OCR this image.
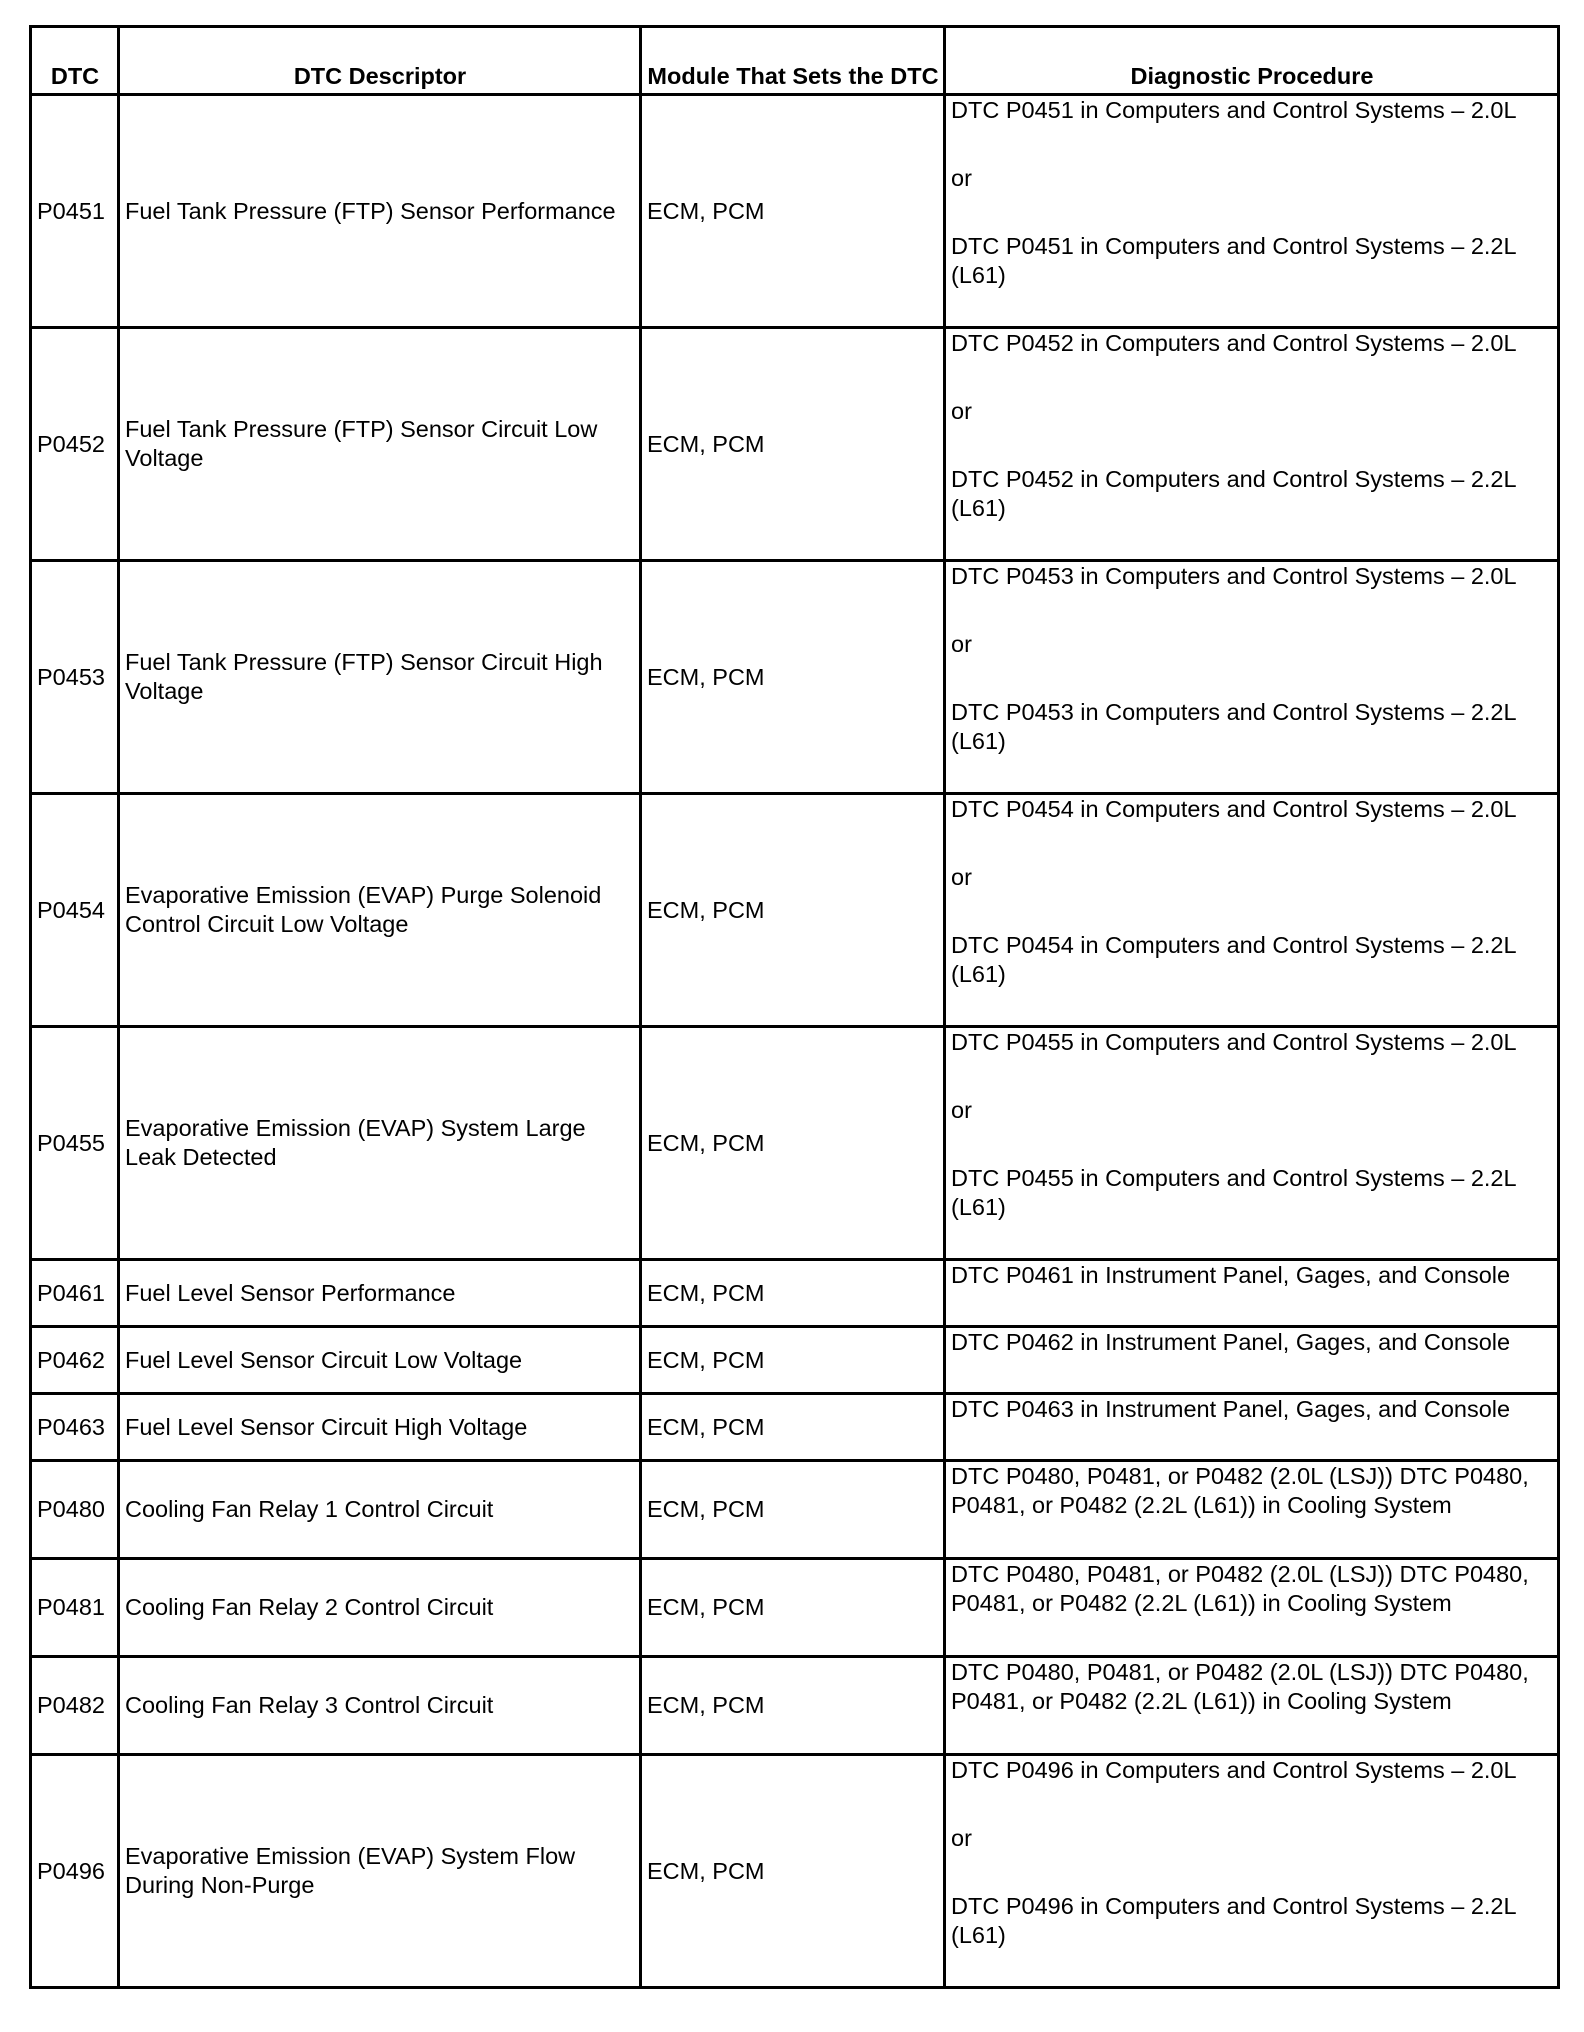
DTC	DTC Descriptor	Module That Sets the DTC	Diagnostic Procedure
P0451	Fuel Tank Pressure (FTP) Sensor Performance	ECM, PCM	DTC P0451 in Computers and Control Systems – 2.0L
or
DTC P0451 in Computers and Control Systems – 2.2L (L61)

P0452	Fuel Tank Pressure (FTP) Sensor Circuit Low Voltage	ECM, PCM	DTC P0452 in Computers and Control Systems – 2.0L
or
DTC P0452 in Computers and Control Systems – 2.2L (L61)

P0453	Fuel Tank Pressure (FTP) Sensor Circuit High Voltage	ECM, PCM	DTC P0453 in Computers and Control Systems – 2.0L
or
DTC P0453 in Computers and Control Systems – 2.2L (L61)

P0454	Evaporative Emission (EVAP) Purge Solenoid Control Circuit Low Voltage	ECM, PCM	DTC P0454 in Computers and Control Systems – 2.0L
or
DTC P0454 in Computers and Control Systems – 2.2L (L61)

P0455	Evaporative Emission (EVAP) System Large Leak Detected	ECM, PCM	DTC P0455 in Computers and Control Systems – 2.0L
or
DTC P0455 in Computers and Control Systems – 2.2L (L61)

P0461	Fuel Level Sensor Performance	ECM, PCM	DTC P0461 in Instrument Panel, Gages, and Console
P0462	Fuel Level Sensor Circuit Low Voltage	ECM, PCM	DTC P0462 in Instrument Panel, Gages, and Console
P0463	Fuel Level Sensor Circuit High Voltage	ECM, PCM	DTC P0463 in Instrument Panel, Gages, and Console
P0480	Cooling Fan Relay 1 Control Circuit	ECM, PCM	DTC P0480, P0481, or P0482 (2.0L (LSJ)) DTC P0480, P0481, or P0482 (2.2L (L61)) in Cooling System
P0481	Cooling Fan Relay 2 Control Circuit	ECM, PCM	DTC P0480, P0481, or P0482 (2.0L (LSJ)) DTC P0480, P0481, or P0482 (2.2L (L61)) in Cooling System
P0482	Cooling Fan Relay 3 Control Circuit	ECM, PCM	DTC P0480, P0481, or P0482 (2.0L (LSJ)) DTC P0480, P0481, or P0482 (2.2L (L61)) in Cooling System
P0496	Evaporative Emission (EVAP) System Flow During Non-Purge	ECM, PCM	DTC P0496 in Computers and Control Systems – 2.0L
or
DTC P0496 in Computers and Control Systems – 2.2L (L61)
